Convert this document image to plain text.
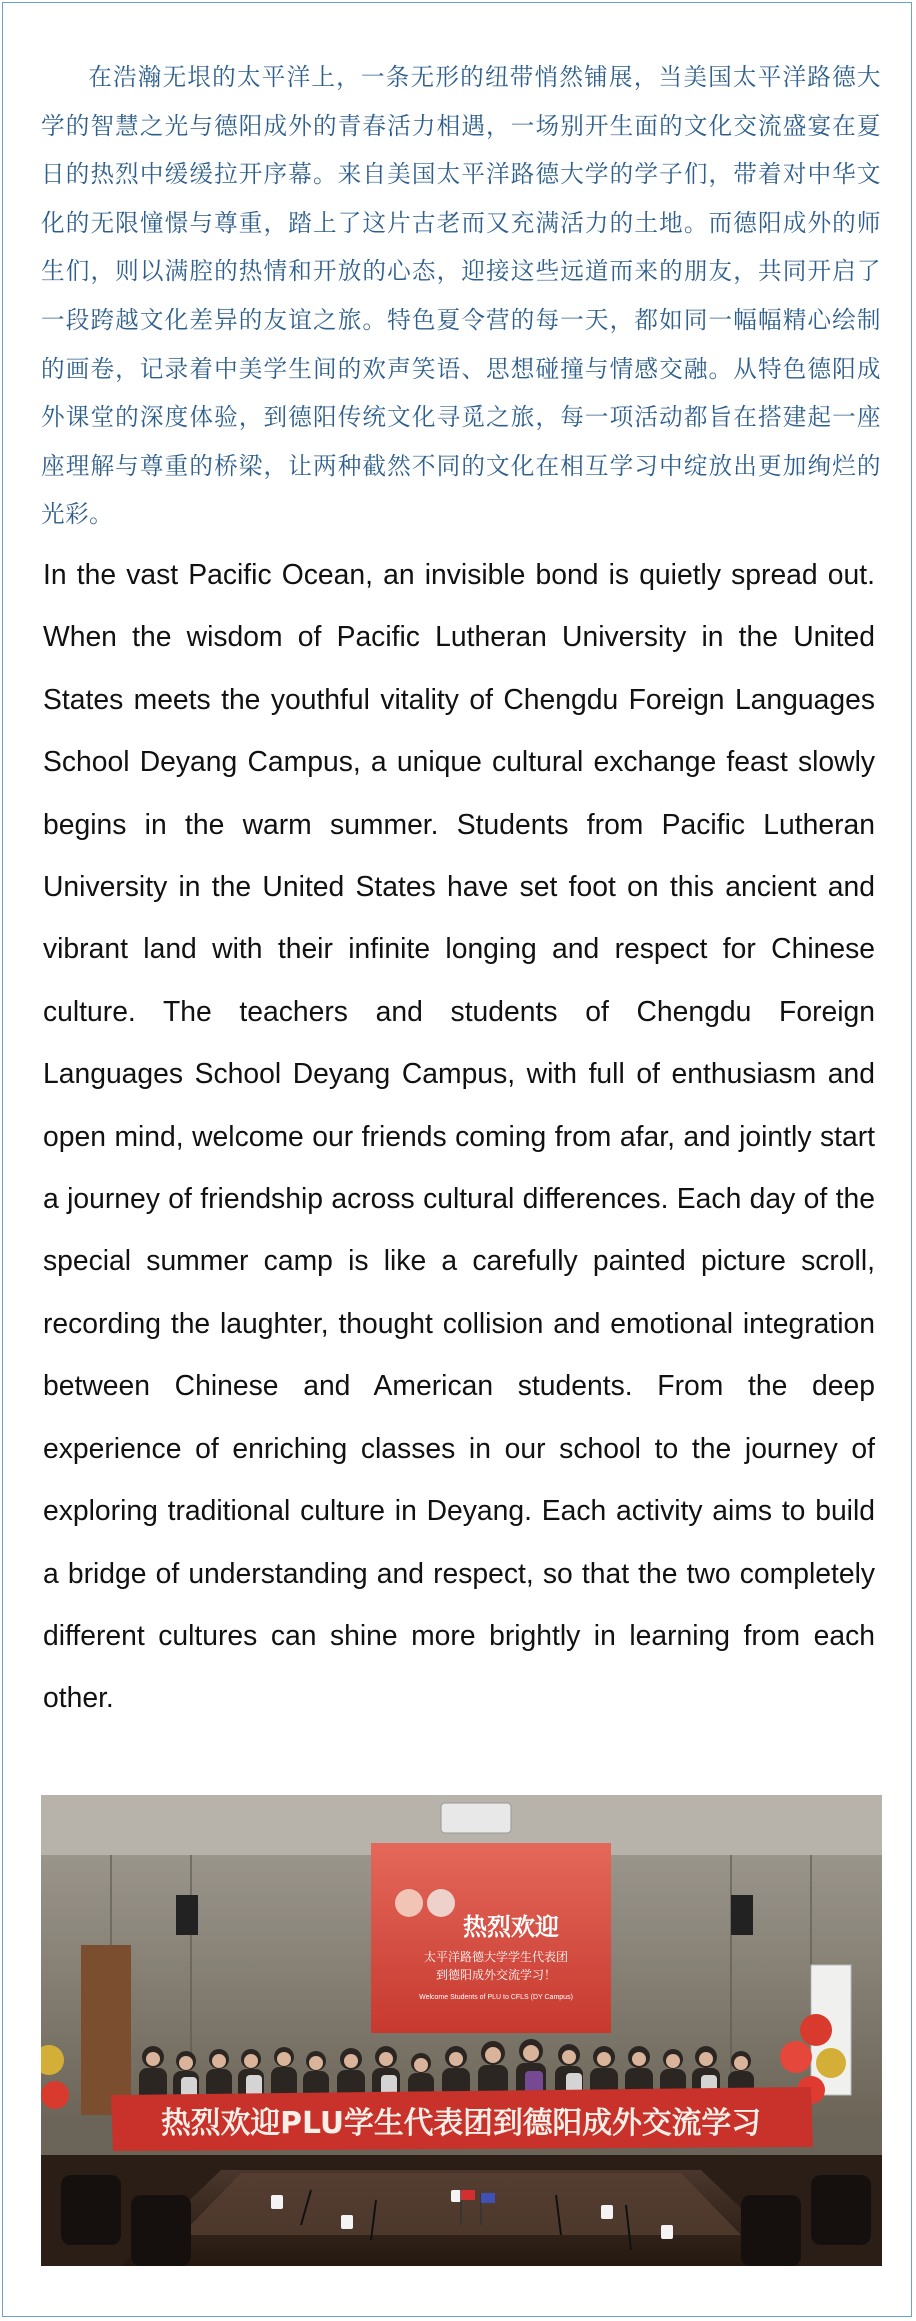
在浩瀚无垠的太平洋上，一条无形的纽带悄然铺展，当美国太平洋路德大学的智慧之光与德阳成外的青春活力相遇，一场别开生面的文化交流盛宴在夏日的热烈中缓缓拉开序幕。来自美国太平洋路德大学的学子们，带着对中华文化的无限憧憬与尊重，踏上了这片古老而又充满活力的土地。而德阳成外的师生们，则以满腔的热情和开放的心态，迎接这些远道而来的朋友，共同开启了一段跨越文化差异的友谊之旅。特色夏令营的每一天，都如同一幅幅精心绘制的画卷，记录着中美学生间的欢声笑语、思想碰撞与情感交融。从特色德阳成外课堂的深度体验，到德阳传统文化寻觅之旅，每一项活动都旨在搭建起一座座理解与尊重的桥梁，让两种截然不同的文化在相互学习中绽放出更加绚烂的光彩。

In the vast Pacific Ocean, an invisible bond is quietly spread out. When the wisdom of Pacific Lutheran University in the United States meets the youthful vitality of Chengdu Foreign Languages School Deyang Campus, a unique cultural exchange feast slowly begins in the warm summer. Students from Pacific Lutheran University in the United States have set foot on this ancient and vibrant land with their infinite longing and respect for Chinese culture. The teachers and students of Chengdu Foreign Languages School Deyang Campus, with full of enthusiasm and open mind, welcome our friends coming from afar, and jointly start a journey of friendship across cultural differences. Each day of the special summer camp is like a carefully painted picture scroll, recording the laughter, thought collision and emotional integration between Chinese and American students. From the deep experience of enriching classes in our school to the journey of exploring traditional culture in Deyang. Each activity aims to build a bridge of understanding and respect, so that the two completely different cultures can shine more brightly in learning from each other.

热烈欢迎
太平洋路德大学学生代表团
到德阳成外交流学习！
Welcome Students of PLU to CFLS (DY Campus)
热烈欢迎PLU学生代表团到德阳成外交流学习
